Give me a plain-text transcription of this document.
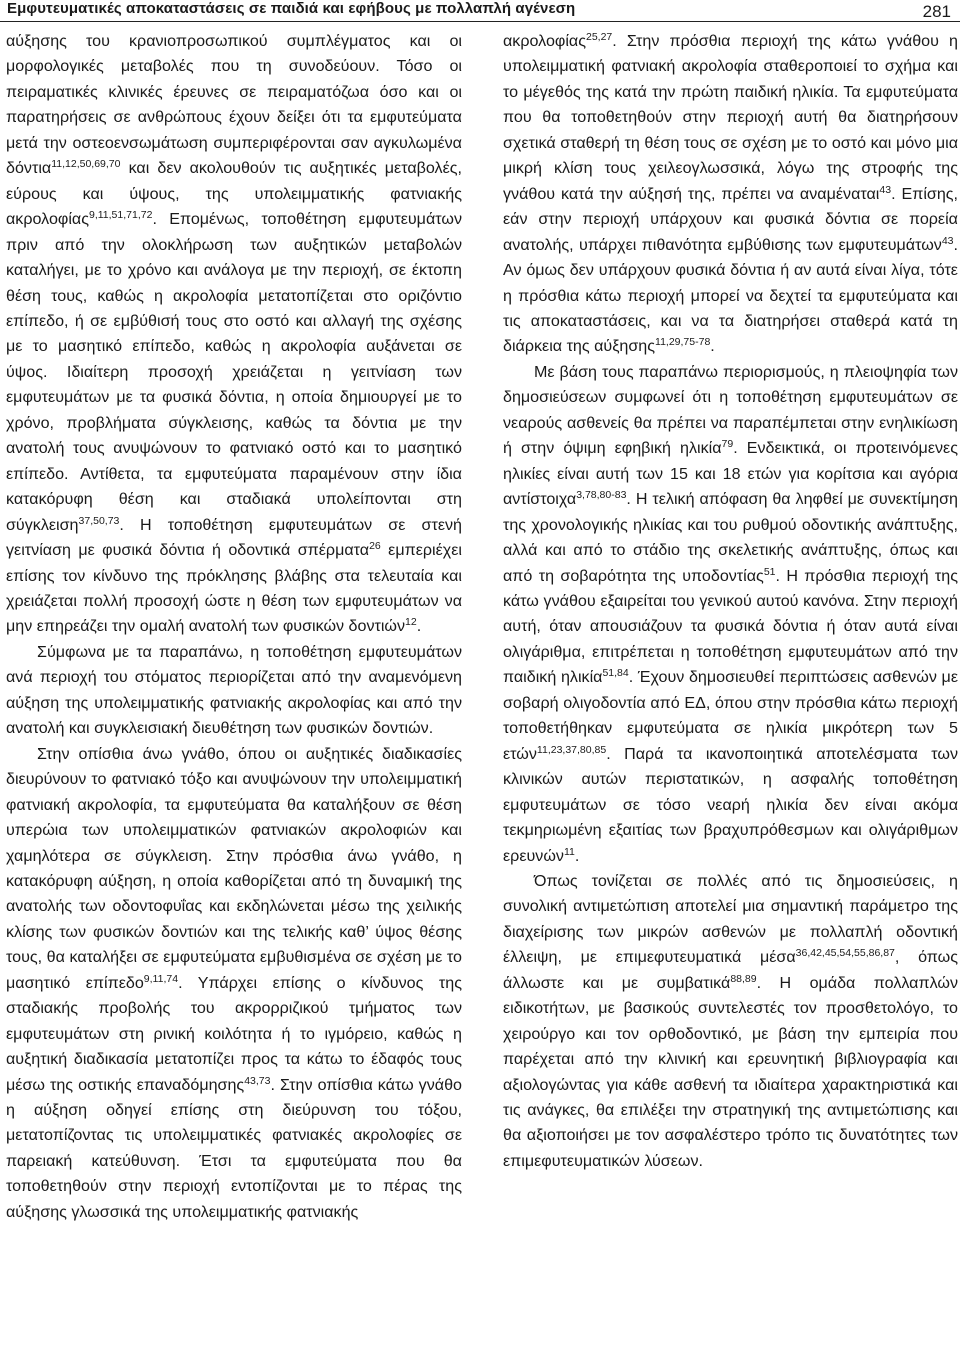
Εμφυτευματικές αποκαταστάσεις σε παιδιά και εφήβους με πολλαπλή αγένεση	281

αύξησης του κρανιοπροσωπικού συμπλέγματος και οι μορφολογικές μεταβολές που τη συνοδεύουν. Τόσο οι πειραματικές κλινικές έρευνες σε πειραματόζωα όσο και οι παρατηρήσεις σε ανθρώπους έχουν δείξει ότι τα εμφυτεύματα μετά την οστεοενσωμάτωση συμπεριφέρονται σαν αγκυλωμένα δόντια$^{11,12,50,69,70}$ και δεν ακολουθούν τις αυξητικές μεταβολές, εύρους και ύψους, της υπολειμματικής φατνιακής ακρολοφίας$^{9,11,51,71,72}$. Επομένως, τοποθέτηση εμφυτευμάτων πριν από την ολοκλήρωση των αυξητικών μεταβολών καταλήγει, με το χρόνο και ανάλογα με την περιοχή, σε έκτοπη θέση τους, καθώς η ακρολοφία μετατοπίζεται στο οριζόντιο επίπεδο, ή σε εμβύθισή τους στο οστό και αλλαγή της σχέσης με το μασητικό επίπεδο, καθώς η ακρολοφία αυξάνεται σε ύψος. Ιδιαίτερη προσοχή χρειάζεται η γειτνίαση των εμφυτευμάτων με τα φυσικά δόντια, η οποία δημιουργεί με το χρόνο, προβλήματα σύγκλεισης, καθώς τα δόντια με την ανατολή τους ανυψώνουν το φατνιακό οστό και το μασητικό επίπεδο. Αντίθετα, τα εμφυτεύματα παραμένουν στην ίδια κατακόρυφη θέση και σταδιακά υπολείπονται στη σύγκλειση$^{37,50,73}$. Η τοποθέτηση εμφυτευμάτων σε στενή γειτνίαση με φυσικά δόντια ή οδοντικά σπέρματα$^{26}$ εμπεριέχει επίσης τον κίνδυνο της πρόκλησης βλάβης στα τελευταία και χρειάζεται πολλή προσοχή ώστε η θέση των εμφυτευμάτων να μην επηρεάζει την ομαλή ανατολή των φυσικών δοντιών$^{12}$.

Σύμφωνα με τα παραπάνω, η τοποθέτηση εμφυτευμάτων ανά περιοχή του στόματος περιορίζεται από την αναμενόμενη αύξηση της υπολειμματικής φατνιακής ακρολοφίας και από την ανατολή και συγκλεισιακή διευθέτηση των φυσικών δοντιών.

Στην οπίσθια άνω γνάθο, όπου οι αυξητικές διαδικασίες διευρύνουν το φατνιακό τόξο και ανυψώνουν την υπολειμματική φατνιακή ακρολοφία, τα εμφυτεύματα θα καταλήξουν σε θέση υπερώια των υπολειμματικών φατνιακών ακρολοφιών και χαμηλότερα σε σύγκλειση. Στην πρόσθια άνω γνάθο, η κατακόρυφη αύξηση, η οποία καθορίζεται από τη δυναμική της ανατολής των οδοντοφυΐας και εκδηλώνεται μέσω της χειλικής κλίσης των φυσικών δοντιών και της τελικής καθ’ ύψος θέσης τους, θα καταλήξει σε εμφυτεύματα εμβυθισμένα σε σχέση με το μασητικό επίπεδο$^{9,11,74}$. Υπάρχει επίσης ο κίνδυνος της σταδιακής προβολής του ακρορριζικού τμήματος των εμφυτευμάτων στη ρινική κοιλότητα ή το ιγμόρειο, καθώς η αυξητική διαδικασία μετατοπίζει προς τα κάτω το έδαφός τους μέσω της οστικής επαναδόμησης$^{43,73}$. Στην οπίσθια κάτω γνάθο η αύξηση οδηγεί επίσης στη διεύρυνση του τόξου, μετατοπίζοντας τις υπολειμματικές φατνιακές ακρολοφίες σε παρειακή κατεύθυνση. Έτσι τα εμφυτεύματα που θα τοποθετηθούν στην περιοχή εντοπίζονται με το πέρας της αύξησης γλωσσικά της υπολειμματικής φατνιακής

ακρολοφίας$^{25,27}$. Στην πρόσθια περιοχή της κάτω γνάθου η υπολειμματική φατνιακή ακρολοφία σταθεροποιεί το σχήμα και το μέγεθός της κατά την πρώτη παιδική ηλικία. Τα εμφυτεύματα που θα τοποθετηθούν στην περιοχή αυτή θα διατηρήσουν σχετικά σταθερή τη θέση τους σε σχέση με το οστό και μόνο μια μικρή κλίση τους χειλεογλωσσικά, λόγω της στροφής της γνάθου κατά την αύξησή της, πρέπει να αναμέναται$^{43}$. Επίσης, εάν στην περιοχή υπάρχουν και φυσικά δόντια σε πορεία ανατολής, υπάρχει πιθανότητα εμβύθισης των εμφυτευμάτων$^{43}$. Αν όμως δεν υπάρχουν φυσικά δόντια ή αν αυτά είναι λίγα, τότε η πρόσθια κάτω περιοχή μπορεί να δεχτεί τα εμφυτεύματα και τις αποκαταστάσεις, και να τα διατηρήσει σταθερά κατά τη διάρκεια της αύξησης$^{11,29,75-78}$.

Με βάση τους παραπάνω περιορισμούς, η πλειοψηφία των δημοσιεύσεων συμφωνεί ότι η τοποθέτηση εμφυτευμάτων σε νεαρούς ασθενείς θα πρέπει να παραπέμπεται στην ενηλικίωση ή στην όψιμη εφηβική ηλικία$^{79}$. Ενδεικτικά, οι προτεινόμενες ηλικίες είναι αυτή των 15 και 18 ετών για κορίτσια και αγόρια αντίστοιχα$^{3,78,80-83}$. Η τελική απόφαση θα ληφθεί με συνεκτίμηση της χρονολογικής ηλικίας και του ρυθμού οδοντικής ανάπτυξης, αλλά και από το στάδιο της σκελετικής ανάπτυξης, όπως και από τη σοβαρότητα της υποδοντίας$^{51}$. Η πρόσθια περιοχή της κάτω γνάθου εξαιρείται του γενικού αυτού κανόνα. Στην περιοχή αυτή, όταν απουσιάζουν τα φυσικά δόντια ή όταν αυτά είναι ολιγάριθμα, επιτρέπεται η τοποθέτηση εμφυτευμάτων από την παιδική ηλικία$^{51,84}$. Έχουν δημοσιευθεί περιπτώσεις ασθενών με σοβαρή ολιγοδοντία από ΕΔ, όπου στην πρόσθια κάτω περιοχή τοποθετήθηκαν εμφυτεύματα σε ηλικία μικρότερη των 5 ετών$^{11,23,37,80,85}$. Παρά τα ικανοποιητικά αποτελέσματα των κλινικών αυτών περιστατικών, η ασφαλής τοποθέτηση εμφυτευμάτων σε τόσο νεαρή ηλικία δεν είναι ακόμα τεκμηριωμένη εξαιτίας των βραχυπρόθεσμων και ολιγάριθμων ερευνών$^{11}$.

Όπως τονίζεται σε πολλές από τις δημοσιεύσεις, η συνολική αντιμετώπιση αποτελεί μια σημαντική παράμετρο της διαχείρισης των μικρών ασθενών με πολλαπλή οδοντική έλλειψη, με επιμεφυτευματικά μέσα$^{36,42,45,54,55,86,87}$, όπως άλλωστε και με συμβατικά$^{88,89}$. Η ομάδα πολλαπλών ειδικοτήτων, με βασικούς συντελεστές τον προσθετολόγο, το χειρούργο και τον ορθοδοντικό, με βάση την εμπειρία που παρέχεται από την κλινική και ερευνητική βιβλιογραφία και αξιολογώντας για κάθε ασθενή τα ιδιαίτερα χαρακτηριστικά και τις ανάγκες, θα επιλέξει την στρατηγική της αντιμετώπισης και θα αξιοποιήσει με τον ασφαλέστερο τρόπο τις δυνατότητες των επιμεφυτευματικών λύσεων.
